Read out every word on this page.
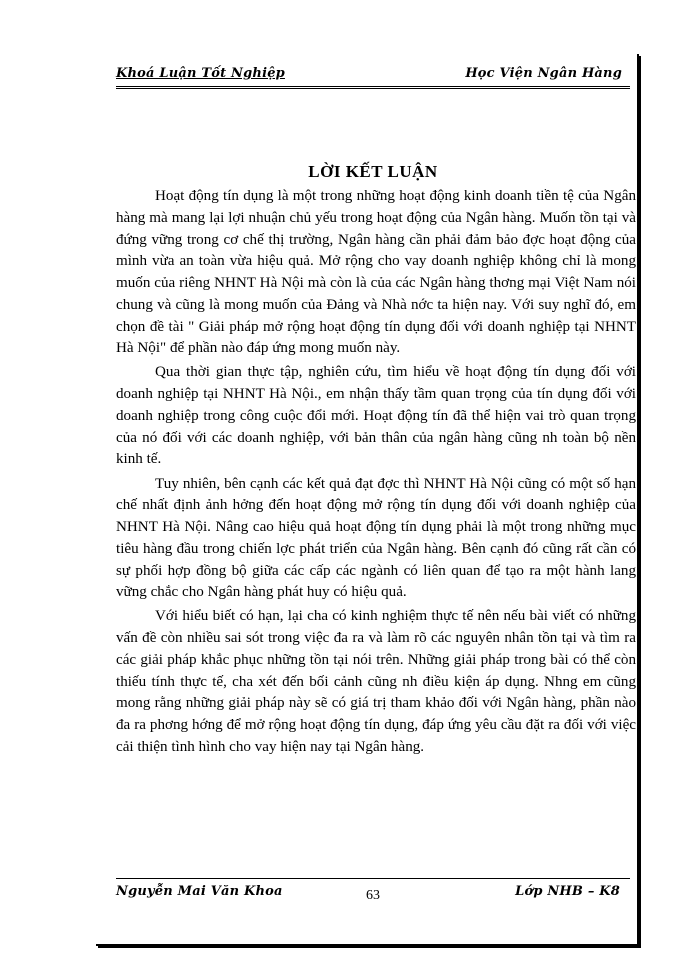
Khoá Luận Tốt Nghiệp	Học Viện Ngân Hàng
LỜI KẾT LUẬN

Hoạt động tín dụng là một trong những hoạt động kinh doanh tiền tệ của Ngân hàng mà mang lại lợi nhuận chủ yếu trong hoạt động của Ngân hàng. Muốn tồn tại và đứng vững trong cơ chế thị trường, Ngân hàng cần phải đảm bảo đợc hoạt động của mình vừa an toàn vừa hiệu quả. Mở rộng cho vay doanh nghiệp không chỉ là mong muốn của riêng NHNT Hà Nội mà còn là của các Ngân hàng thơng mại Việt Nam nói chung và cũng là mong muốn của Đảng và Nhà nớc ta hiện nay. Với suy nghĩ đó, em chọn đề tài " Giải pháp mở rộng hoạt động tín dụng đối với doanh nghiệp tại NHNT Hà Nội" để phần nào đáp ứng mong muốn này.

Qua thời gian thực tập, nghiên cứu, tìm hiểu về hoạt động tín dụng đối với doanh nghiệp tại NHNT Hà Nội., em nhận thấy tầm quan trọng của tín dụng đối với doanh nghiệp trong công cuộc đổi mới. Hoạt động tín đã thể hiện vai trò quan trọng của nó đối với các doanh nghiệp, với bản thân của ngân hàng cũng nh toàn bộ nền kinh tế.

Tuy nhiên, bên cạnh các kết quả đạt đợc thì NHNT Hà Nội cũng có một số hạn chế nhất định ảnh hởng đến hoạt động mở rộng tín dụng đối với doanh nghiệp của NHNT Hà Nội. Nâng cao hiệu quả hoạt động tín dụng phải là một trong những mục tiêu hàng đầu trong chiến lợc phát triển của Ngân hàng. Bên cạnh đó cũng rất cần có sự phối hợp đồng bộ giữa các cấp các ngành có liên quan để tạo ra một hành lang vững chắc cho Ngân hàng phát huy có hiệu quả.

Với hiểu biết có hạn, lại cha có kinh nghiệm thực tế nên nếu bài viết có những vấn đề còn nhiều sai sót trong việc đa ra và làm rõ các nguyên nhân tồn tại và tìm ra các giải pháp khắc phục những tồn tại nói trên. Những giải pháp trong bài có thể còn thiếu tính thực tế, cha xét đến bối cảnh cũng nh điều kiện áp dụng. Nhng em cũng mong rằng những giải pháp này sẽ có giá trị tham khảo đối với Ngân hàng, phần nào đa ra phơng hớng để mở rộng hoạt động tín dụng, đáp ứng yêu cầu đặt ra đối với việc cải thiện tình hình cho vay hiện nay tại Ngân hàng.

Nguyễn Mai Văn Khoa	63	Lớp NHB – K8
